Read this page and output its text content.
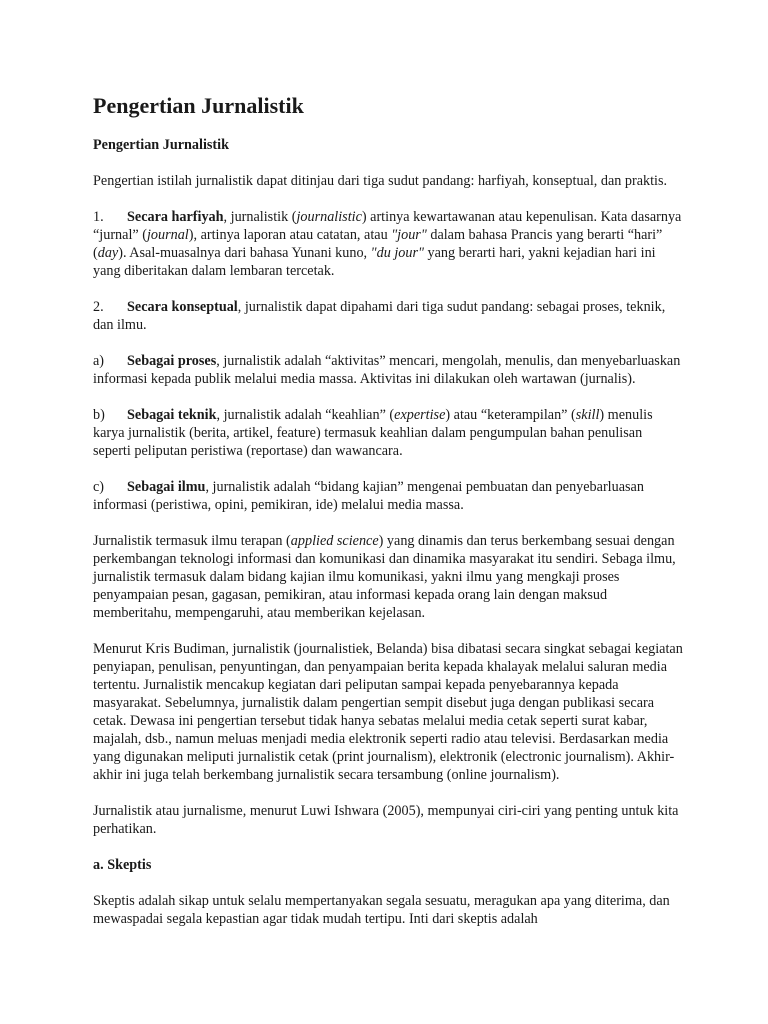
Pengertian Jurnalistik

Pengertian Jurnalistik

Pengertian istilah jurnalistik dapat ditinjau dari tiga sudut pandang: harfiyah, konseptual, dan praktis.

1. Secara harfiyah, jurnalistik (journalistic) artinya kewartawanan atau kepenulisan. Kata dasarnya “jurnal” (journal), artinya laporan atau catatan, atau "jour" dalam bahasa Prancis yang berarti “hari” (day). Asal-muasalnya dari bahasa Yunani kuno, "du jour" yang berarti hari, yakni kejadian hari ini yang diberitakan dalam lembaran tercetak.

2. Secara konseptual, jurnalistik dapat dipahami dari tiga sudut pandang: sebagai proses, teknik, dan ilmu.

a) Sebagai proses, jurnalistik adalah “aktivitas” mencari, mengolah, menulis, dan menyebarluaskan informasi kepada publik melalui media massa. Aktivitas ini dilakukan oleh wartawan (jurnalis).

b) Sebagai teknik, jurnalistik adalah “keahlian” (expertise) atau “keterampilan” (skill) menulis karya jurnalistik (berita, artikel, feature) termasuk keahlian dalam pengumpulan bahan penulisan seperti peliputan peristiwa (reportase) dan wawancara.

c) Sebagai ilmu, jurnalistik adalah “bidang kajian” mengenai pembuatan dan penyebarluasan informasi (peristiwa, opini, pemikiran, ide) melalui media massa.

Jurnalistik termasuk ilmu terapan (applied science) yang dinamis dan terus berkembang sesuai dengan perkembangan teknologi informasi dan komunikasi dan dinamika masyarakat itu sendiri. Sebaga ilmu, jurnalistik termasuk dalam bidang kajian ilmu komunikasi, yakni ilmu yang mengkaji proses penyampaian pesan, gagasan, pemikiran, atau informasi kepada orang lain dengan maksud memberitahu, mempengaruhi, atau memberikan kejelasan.

Menurut Kris Budiman, jurnalistik (journalistiek, Belanda) bisa dibatasi secara singkat sebagai kegiatan penyiapan, penulisan, penyuntingan, dan penyampaian berita kepada khalayak melalui saluran media tertentu. Jurnalistik mencakup kegiatan dari peliputan sampai kepada penyebarannya kepada masyarakat. Sebelumnya, jurnalistik dalam pengertian sempit disebut juga dengan publikasi secara cetak. Dewasa ini pengertian tersebut tidak hanya sebatas melalui media cetak seperti surat kabar, majalah, dsb., namun meluas menjadi media elektronik seperti radio atau televisi. Berdasarkan media yang digunakan meliputi jurnalistik cetak (print journalism), elektronik (electronic journalism). Akhir-akhir ini juga telah berkembang jurnalistik secara tersambung (online journalism).

Jurnalistik atau jurnalisme, menurut Luwi Ishwara (2005), mempunyai ciri-ciri yang penting untuk kita perhatikan.

a. Skeptis

Skeptis adalah sikap untuk selalu mempertanyakan segala sesuatu, meragukan apa yang diterima, dan mewaspadai segala kepastian agar tidak mudah tertipu. Inti dari skeptis adalah
